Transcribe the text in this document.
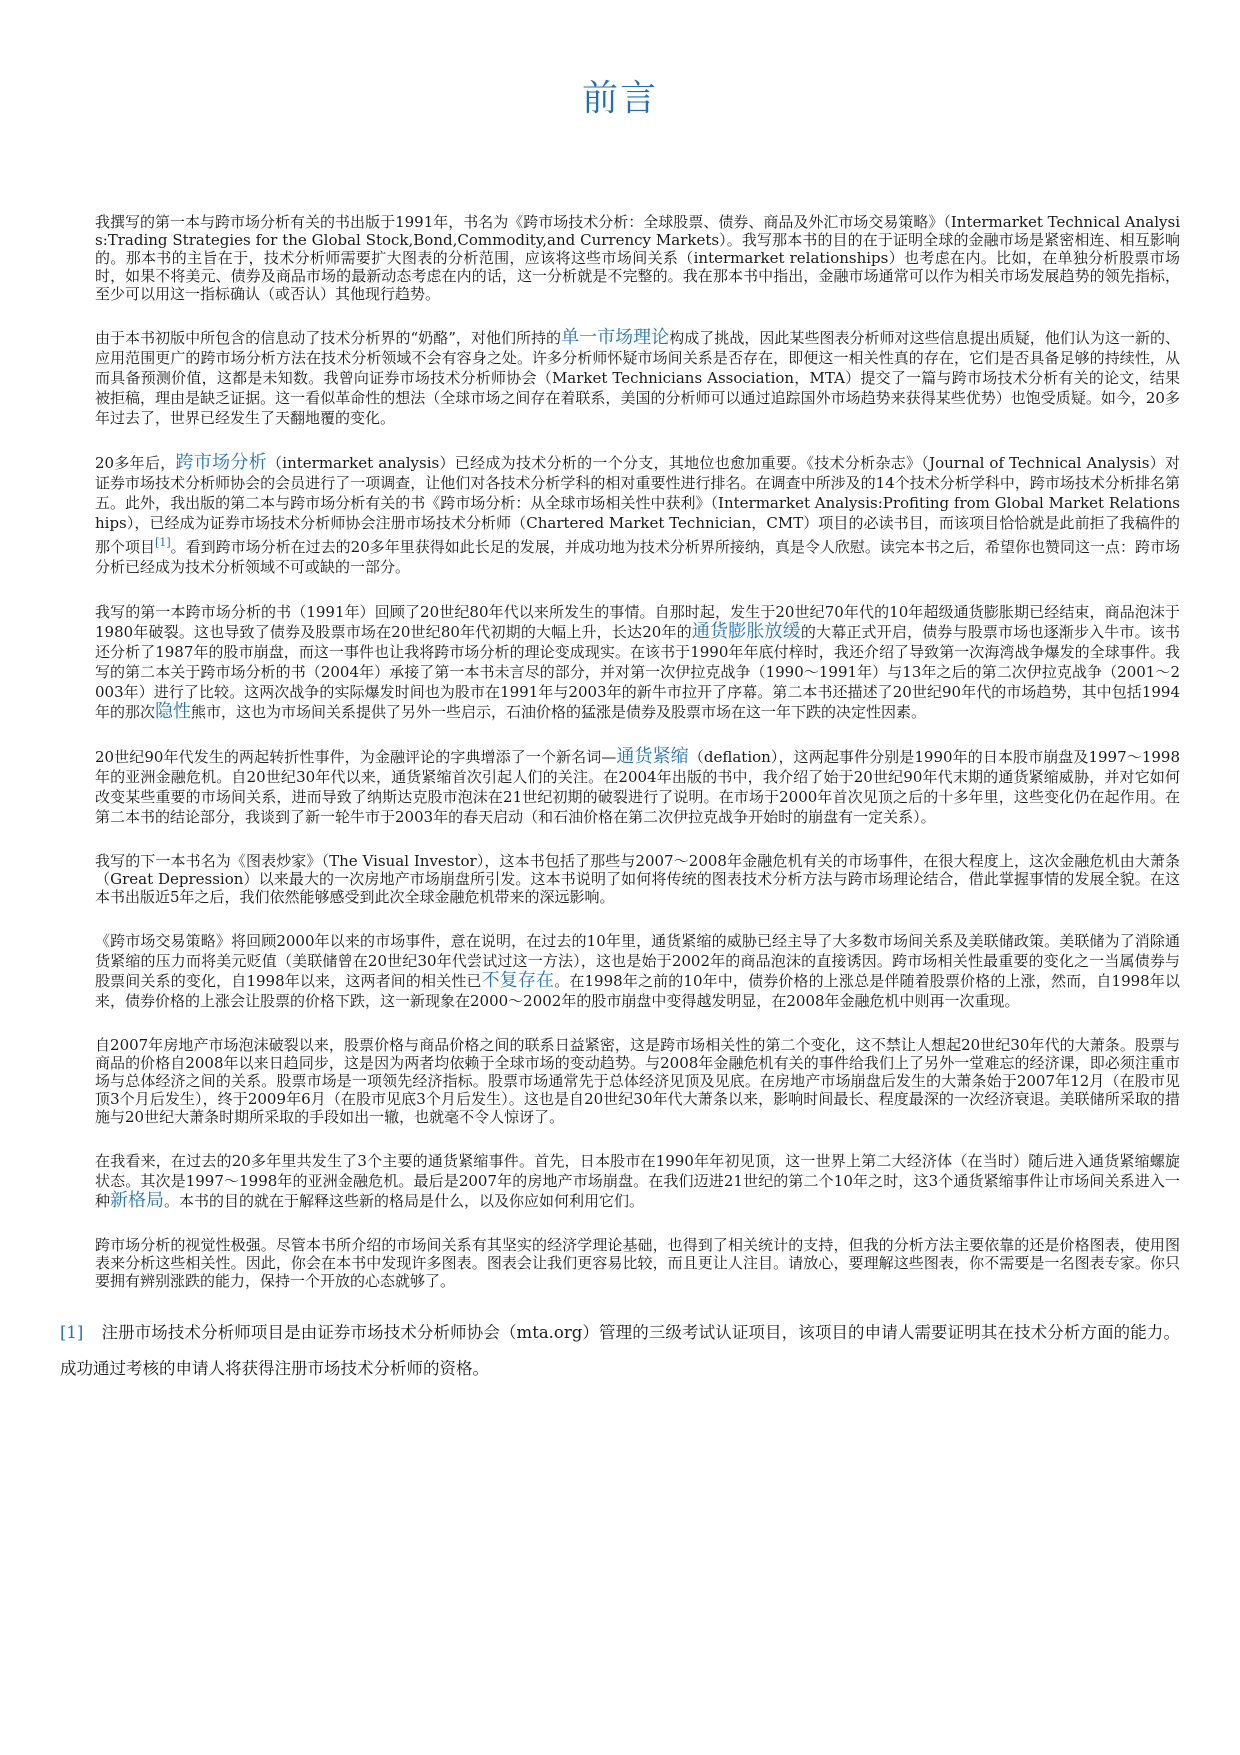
前言

我撰写的第一本与跨市场分析有关的书出版于1991年，书名为《跨市场技术分析：全球股票、债券、商品及外汇市场交易策略》（Intermarket Technical Analysis:Trading Strategies for the Global Stock,Bond,Commodity,and Currency Markets）。我写那本书的目的在于证明全球的金融市场是紧密相连、相互影响的。那本书的主旨在于，技术分析师需要扩大图表的分析范围，应该将这些市场间关系（intermarket relationships）也考虑在内。比如，在单独分析股票市场时，如果不将美元、债券及商品市场的最新动态考虑在内的话，这一分析就是不完整的。我在那本书中指出，金融市场通常可以作为相关市场发展趋势的领先指标，至少可以用这一指标确认（或否认）其他现行趋势。

由于本书初版中所包含的信息动了技术分析界的“奶酪”，对他们所持的单一市场理论构成了挑战，因此某些图表分析师对这些信息提出质疑，他们认为这一新的、应用范围更广的跨市场分析方法在技术分析领域不会有容身之处。许多分析师怀疑市场间关系是否存在，即便这一相关性真的存在，它们是否具备足够的持续性，从而具备预测价值，这都是未知数。我曾向证券市场技术分析师协会（Market Technicians Association，MTA）提交了一篇与跨市场技术分析有关的论文，结果被拒稿，理由是缺乏证据。这一看似革命性的想法（全球市场之间存在着联系，美国的分析师可以通过追踪国外市场趋势来获得某些优势）也饱受质疑。如今，20多年过去了，世界已经发生了天翻地覆的变化。

20多年后，跨市场分析（intermarket analysis）已经成为技术分析的一个分支，其地位也愈加重要。《技术分析杂志》（Journal of Technical Analysis）对证券市场技术分析师协会的会员进行了一项调查，让他们对各技术分析学科的相对重要性进行排名。在调查中所涉及的14个技术分析学科中，跨市场技术分析排名第五。此外，我出版的第二本与跨市场分析有关的书《跨市场分析：从全球市场相关性中获利》（Intermarket Analysis:Profiting from Global Market Relationships），已经成为证券市场技术分析师协会注册市场技术分析师（Chartered Market Technician，CMT）项目的必读书目，而该项目恰恰就是此前拒了我稿件的那个项目[1]。看到跨市场分析在过去的20多年里获得如此长足的发展，并成功地为技术分析界所接纳，真是令人欣慰。读完本书之后，希望你也赞同这一点：跨市场分析已经成为技术分析领域不可或缺的一部分。

我写的第一本跨市场分析的书（1991年）回顾了20世纪80年代以来所发生的事情。自那时起，发生于20世纪70年代的10年超级通货膨胀期已经结束，商品泡沫于1980年破裂。这也导致了债券及股票市场在20世纪80年代初期的大幅上升，长达20年的通货膨胀放缓的大幕正式开启，债券与股票市场也逐渐步入牛市。该书还分析了1987年的股市崩盘，而这一事件也让我将跨市场分析的理论变成现实。在该书于1990年年底付梓时，我还介绍了导致第一次海湾战争爆发的全球事件。我写的第二本关于跨市场分析的书（2004年）承接了第一本书未言尽的部分，并对第一次伊拉克战争（1990～1991年）与13年之后的第二次伊拉克战争（2001～2003年）进行了比较。这两次战争的实际爆发时间也为股市在1991年与2003年的新牛市拉开了序幕。第二本书还描述了20世纪90年代的市场趋势，其中包括1994年的那次隐性熊市，这也为市场间关系提供了另外一些启示，石油价格的猛涨是债券及股票市场在这一年下跌的决定性因素。

20世纪90年代发生的两起转折性事件，为金融评论的字典增添了一个新名词—通货紧缩（deflation），这两起事件分别是1990年的日本股市崩盘及1997～1998年的亚洲金融危机。自20世纪30年代以来，通货紧缩首次引起人们的关注。在2004年出版的书中，我介绍了始于20世纪90年代末期的通货紧缩威胁，并对它如何改变某些重要的市场间关系，进而导致了纳斯达克股市泡沫在21世纪初期的破裂进行了说明。在市场于2000年首次见顶之后的十多年里，这些变化仍在起作用。在第二本书的结论部分，我谈到了新一轮牛市于2003年的春天启动（和石油价格在第二次伊拉克战争开始时的崩盘有一定关系）。

我写的下一本书名为《图表炒家》（The Visual Investor），这本书包括了那些与2007～2008年金融危机有关的市场事件，在很大程度上，这次金融危机由大萧条（Great Depression）以来最大的一次房地产市场崩盘所引发。这本书说明了如何将传统的图表技术分析方法与跨市场理论结合，借此掌握事情的发展全貌。在这本书出版近5年之后，我们依然能够感受到此次全球金融危机带来的深远影响。

《跨市场交易策略》将回顾2000年以来的市场事件，意在说明，在过去的10年里，通货紧缩的威胁已经主导了大多数市场间关系及美联储政策。美联储为了消除通货紧缩的压力而将美元贬值（美联储曾在20世纪30年代尝试过这一方法），这也是始于2002年的商品泡沫的直接诱因。跨市场相关性最重要的变化之一当属债券与股票间关系的变化，自1998年以来，这两者间的相关性已不复存在。在1998年之前的10年中，债券价格的上涨总是伴随着股票价格的上涨，然而，自1998年以来，债券价格的上涨会让股票的价格下跌，这一新现象在2000～2002年的股市崩盘中变得越发明显，在2008年金融危机中则再一次重现。

自2007年房地产市场泡沫破裂以来，股票价格与商品价格之间的联系日益紧密，这是跨市场相关性的第二个变化，这不禁让人想起20世纪30年代的大萧条。股票与商品的价格自2008年以来日趋同步，这是因为两者均依赖于全球市场的变动趋势。与2008年金融危机有关的事件给我们上了另外一堂难忘的经济课，即必须注重市场与总体经济之间的关系。股票市场是一项领先经济指标。股票市场通常先于总体经济见顶及见底。在房地产市场崩盘后发生的大萧条始于2007年12月（在股市见顶3个月后发生），终于2009年6月（在股市见底3个月后发生）。这也是自20世纪30年代大萧条以来，影响时间最长、程度最深的一次经济衰退。美联储所采取的措施与20世纪大萧条时期所采取的手段如出一辙，也就毫不令人惊讶了。

在我看来，在过去的20多年里共发生了3个主要的通货紧缩事件。首先，日本股市在1990年年初见顶，这一世界上第二大经济体（在当时）随后进入通货紧缩螺旋状态。其次是1997～1998年的亚洲金融危机。最后是2007年的房地产市场崩盘。在我们迈进21世纪的第二个10年之时，这3个通货紧缩事件让市场间关系进入一种新格局。本书的目的就在于解释这些新的格局是什么，以及你应如何利用它们。

跨市场分析的视觉性极强。尽管本书所介绍的市场间关系有其坚实的经济学理论基础，也得到了相关统计的支持，但我的分析方法主要依靠的还是价格图表，使用图表来分析这些相关性。因此，你会在本书中发现许多图表。图表会让我们更容易比较，而且更让人注目。请放心，要理解这些图表，你不需要是一名图表专家。你只要拥有辨别涨跌的能力，保持一个开放的心态就够了。

[1] 注册市场技术分析师项目是由证券市场技术分析师协会（mta.org）管理的三级考试认证项目，该项目的申请人需要证明其在技术分析方面的能力。成功通过考核的申请人将获得注册市场技术分析师的资格。
